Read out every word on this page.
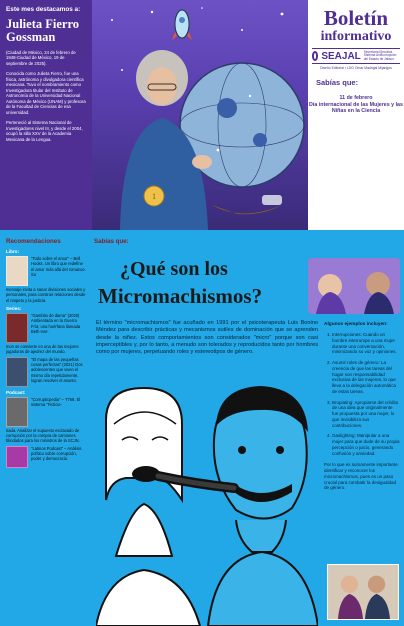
Este mes destacamos a:
Julieta Fierro Gossman

(Ciudad de México, 24 de febrero de 1948-Ciudad de México, 19 de septiembre de 2025).

Conocida como Julieta Fierro, fue una física, astrónoma y divulgadora científica mexicana. Tuvo el nombramiento como Investigadora titular del Instituto de Astronomía de la Universidad Nacional Autónoma de México (UNAM) y profesora de la Facultad de Ciencias de esa universidad.

Perteneció al Sistema Nacional de Investigadores nivel III, y desde el 2004, ocupó la silla XXV de la Academia Mexicana de la Lengua.

1
Boletín
informativo
SEAJAL Secretaría Ejecutiva Sistema Anticorrupción del Estado de Jalisco
Diseño Editorial • LDG Omar Madrigal Mijangos
Sabías que:
11 de febrero
Día internacional de las Mujeres y las Niñas en la Ciencia
Recomendaciones
Libro:
"Todo sobre el amor" – Bell Hooks. Un libro que redefine el amor más allá del romance. Su
mensaje invita a sanar divisiones sociales y personales, para construir relaciones desde el respeto y la justicia.
Series:
"Gambito de dama" (2020) Ambientada en la Guerra Fría; una huérfana llamada Beth Har-
mon se convierte en una de las mejores jugadoras de ajedrez del mundo.
"El mapa de las pequeñas cosas perfectas" (2021) Dos adolescentes que viven el mismo día repetidamente, logran resolver el asunto.
Podcast:
"Corrupticpedia" – T768. El sistema "Ficticio-
nada. Analizar el supuesto esclavado de corrupción por la compra de camiones blindados para los ministros de la SCJN.
"Latinos Podcast" – Análisis político sobre corrupción, poder y democracia.
Sabías que:
¿Qué son los
Micromachismos?
El término "micromachismos" fue acuñado en 1991 por el psicoterapeuta Luis Bonino Méndez para describir prácticas y mecanismos sutiles de dominación que se aprenden desde la niñez. Estos comportamientos son considerados "micro" porque son casi imperceptibles y, por lo tanto, a menudo son tolerados y reproducidos tanto por hombres como por mujeres, perpetuando roles y estereotipos de género.
Algunos ejemplos incluyen:
1. Interrupciones: Cuando un hombre interrumpe a una mujer durante una conversación, minimizando su voz y opiniones.
2. Asumir roles de género: La creencia de que las tareas del hogar son responsabilidad exclusiva de las mujeres, lo que lleva a la delegación automática de estas tareas.
3. Bropiating: Apropiarse del crédito de una idea que originalmente fue propuesta por una mujer, lo que invisibiliza sus contribuciones.
4. Gaslighting: Manipular a una mujer para que dude de su propia percepción o juicio, generando confusión y ansiedad.
Por lo que es sumamente importante identificar y reconocer los micromachismos, pues es un paso crucial para combatir la desigualdad de género.
